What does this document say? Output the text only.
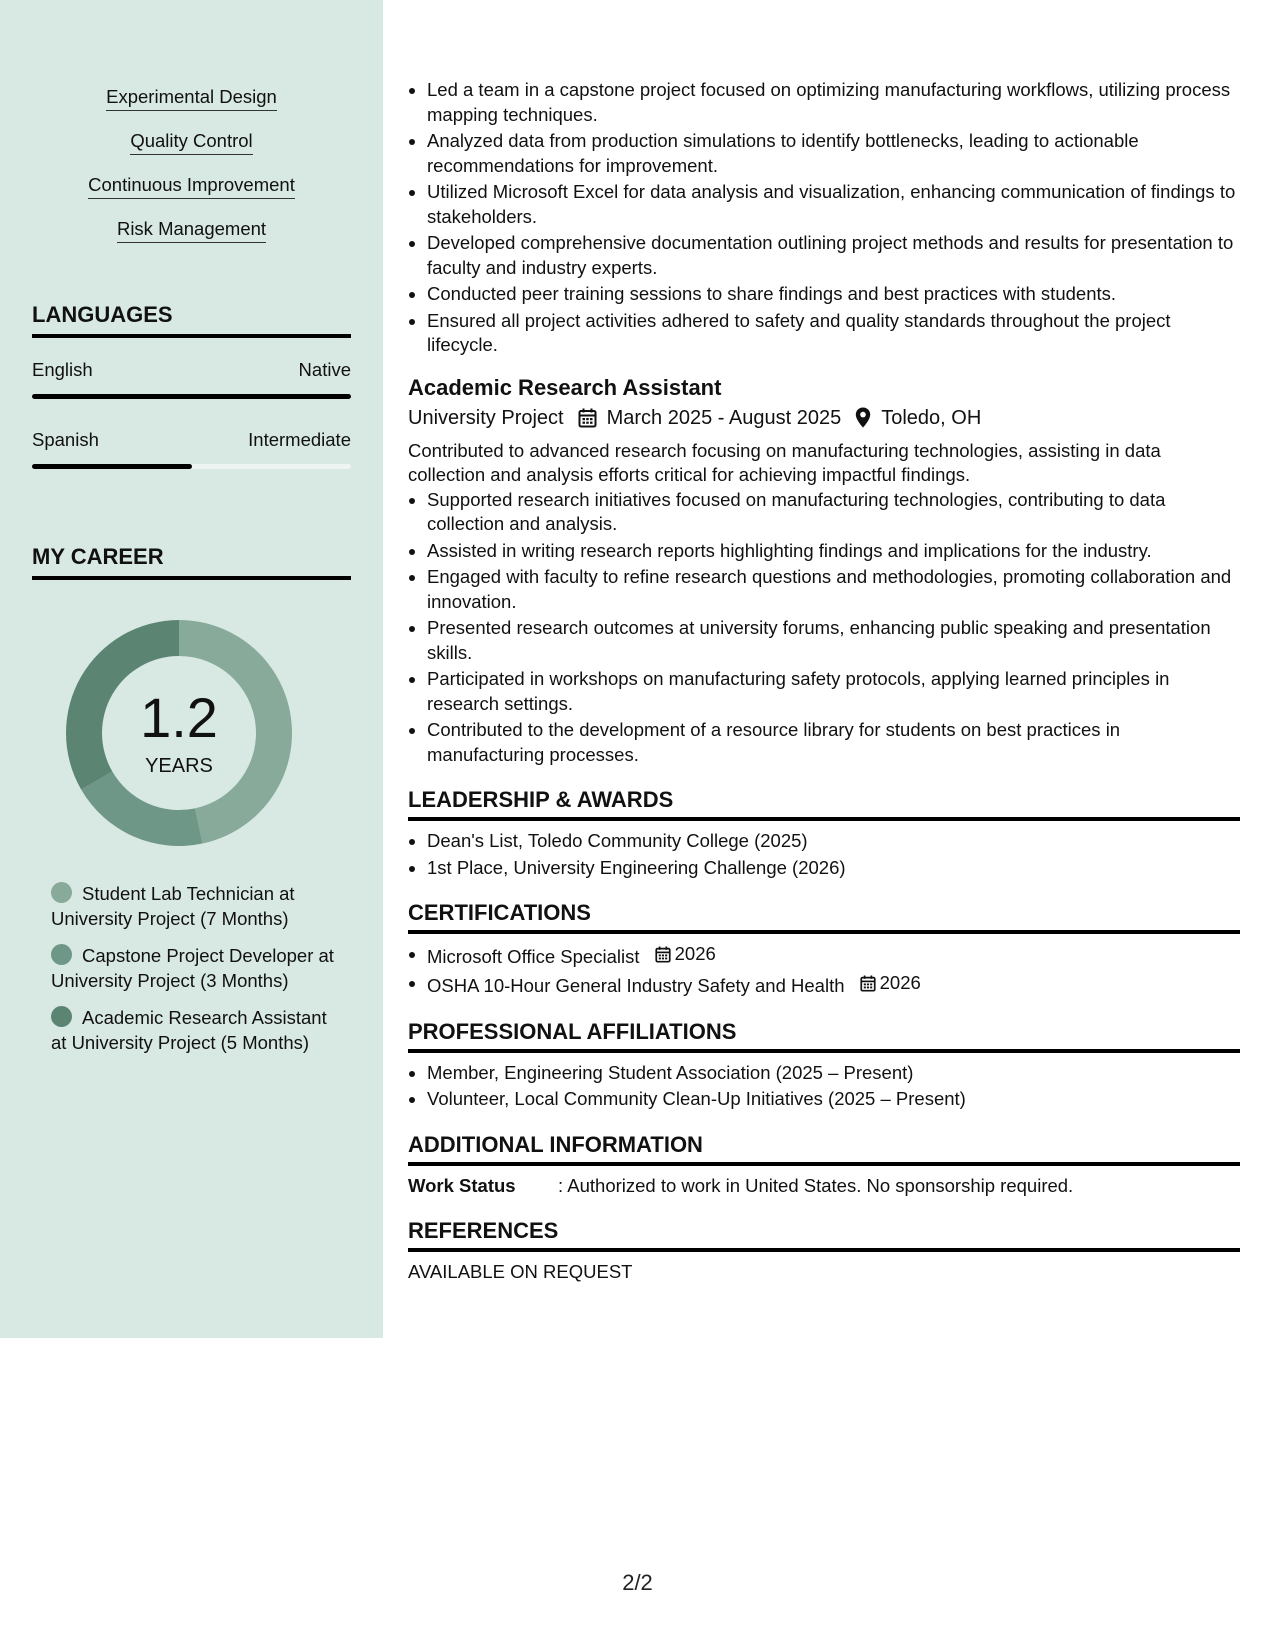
Experimental Design
Quality Control
Continuous Improvement
Risk Management
LANGUAGES
English	Native
Spanish	Intermediate
MY CAREER
1.2
YEARS
Student Lab Technician at University Project (7 Months)
Capstone Project Developer at University Project (3 Months)
Academic Research Assistant at University Project (5 Months)
Led a team in a capstone project focused on optimizing manufacturing workflows, utilizing process mapping techniques.
Analyzed data from production simulations to identify bottlenecks, leading to actionable recommendations for improvement.
Utilized Microsoft Excel for data analysis and visualization, enhancing communication of findings to stakeholders.
Developed comprehensive documentation outlining project methods and results for presentation to faculty and industry experts.
Conducted peer training sessions to share findings and best practices with students.
Ensured all project activities adhered to safety and quality standards throughout the project lifecycle.
Academic Research Assistant
University Project March 2025 - August 2025 Toledo, OH
Contributed to advanced research focusing on manufacturing technologies, assisting in data collection and analysis efforts critical for achieving impactful findings.
Supported research initiatives focused on manufacturing technologies, contributing to data collection and analysis.
Assisted in writing research reports highlighting findings and implications for the industry.
Engaged with faculty to refine research questions and methodologies, promoting collaboration and innovation.
Presented research outcomes at university forums, enhancing public speaking and presentation skills.
Participated in workshops on manufacturing safety protocols, applying learned principles in research settings.
Contributed to the development of a resource library for students on best practices in manufacturing processes.
LEADERSHIP & AWARDS
Dean's List, Toledo Community College (2025)
1st Place, University Engineering Challenge (2026)
CERTIFICATIONS
Microsoft Office Specialist 2026
OSHA 10-Hour General Industry Safety and Health 2026
PROFESSIONAL AFFILIATIONS
Member, Engineering Student Association (2025 – Present)
Volunteer, Local Community Clean-Up Initiatives (2025 – Present)
ADDITIONAL INFORMATION
Work Status	: Authorized to work in United States. No sponsorship required.
REFERENCES
AVAILABLE ON REQUEST
2/2
